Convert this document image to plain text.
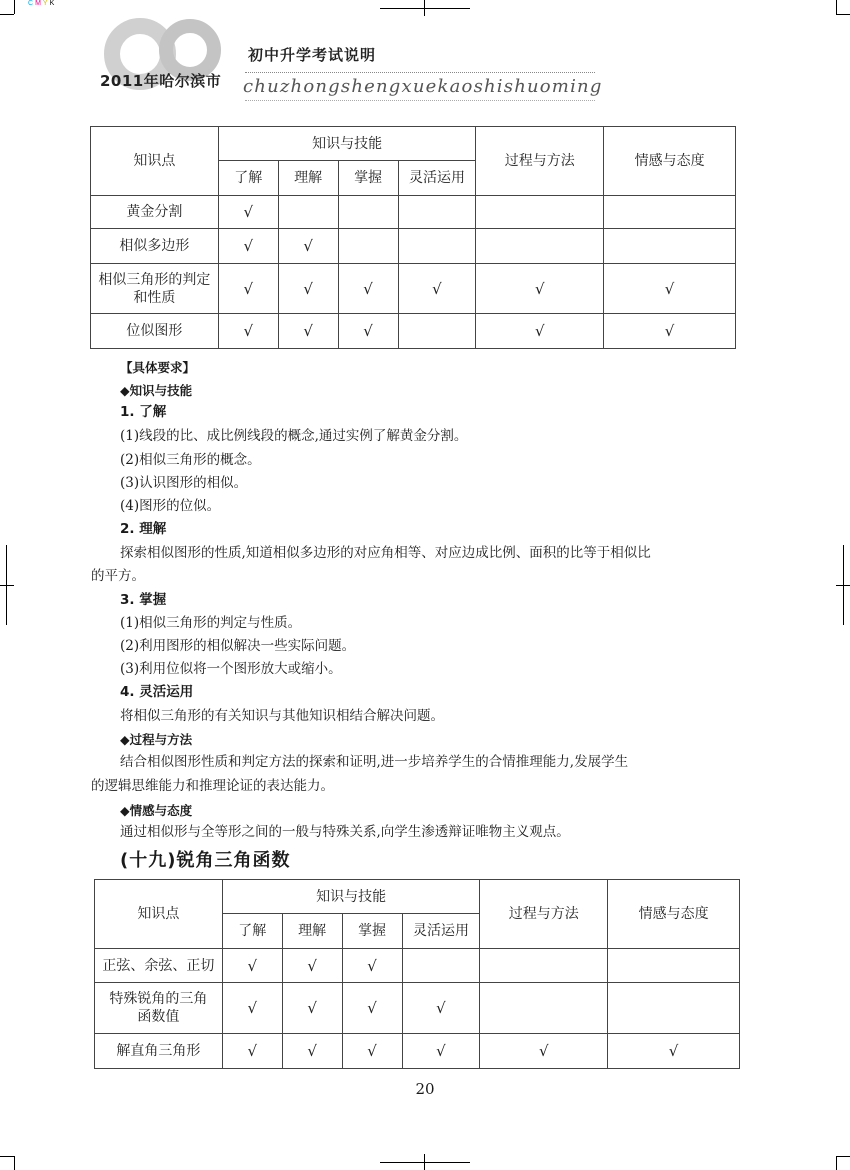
CMYK
2011年哈尔滨市
初中升学考试说明
chuzhongshengxuekaoshishuoming
知识点	知识与技能				过程与方法	情感与态度
	了解	理解	掌握	灵活运用		
黄金分割	√					
相似多边形	√	√				
相似三角形的判定和性质	√	√	√	√	√	√
位似图形	√	√	√		√	√
【具体要求】
◆知识与技能
1. 了解
(1)线段的比、成比例线段的概念,通过实例了解黄金分割。
(2)相似三角形的概念。
(3)认识图形的相似。
(4)图形的位似。
2. 理解
探索相似图形的性质,知道相似多边形的对应角相等、对应边成比例、面积的比等于相似比
的平方。
3. 掌握
(1)相似三角形的判定与性质。
(2)利用图形的相似解决一些实际问题。
(3)利用位似将一个图形放大或缩小。
4. 灵活运用
将相似三角形的有关知识与其他知识相结合解决问题。
◆过程与方法
结合相似图形性质和判定方法的探索和证明,进一步培养学生的合情推理能力,发展学生
的逻辑思维能力和推理论证的表达能力。
◆情感与态度
通过相似形与全等形之间的一般与特殊关系,向学生渗透辩证唯物主义观点。
(十九)锐角三角函数
知识点	知识与技能				过程与方法	情感与态度
	了解	理解	掌握	灵活运用		
正弦、余弦、正切	√	√	√			
特殊锐角的三角函数值	√	√	√	√		
解直角三角形	√	√	√	√	√	√
20
